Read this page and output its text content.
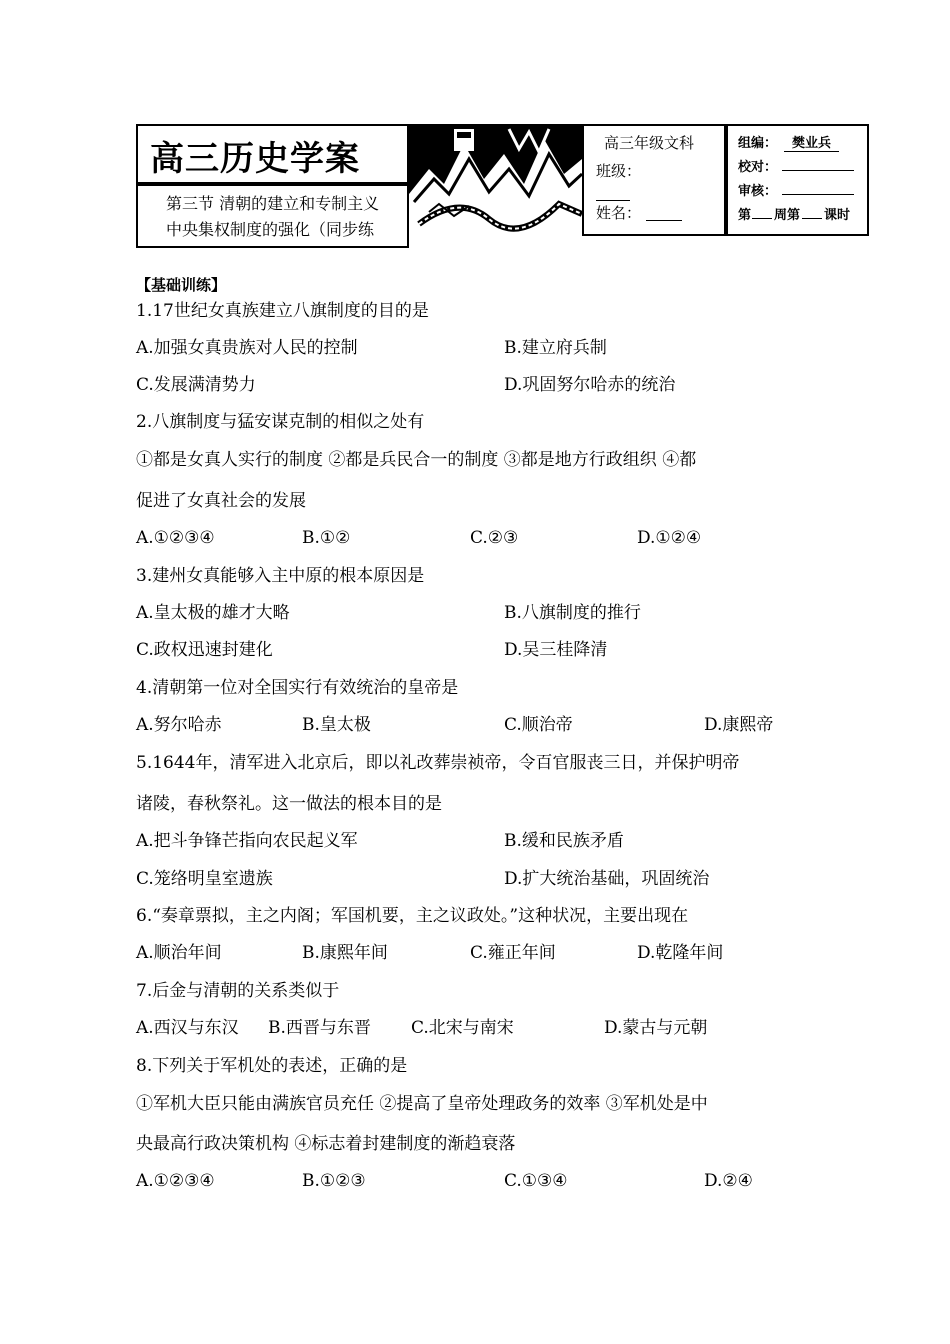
高三历史学案
第三节 清朝的建立和专制主义
中央集权制度的强化（同步练
高三年级文科
班级：
姓名：
组编：	樊业兵
校对：
审核：
第 周第 课时
【基础训练】
1.17世纪女真族建立八旗制度的目的是
A.加强女真贵族对人民的控制	B.建立府兵制
C.发展满清势力	D.巩固努尔哈赤的统治
2.八旗制度与猛安谋克制的相似之处有
①都是女真人实行的制度 ②都是兵民合一的制度 ③都是地方行政组织 ④都
促进了女真社会的发展
A.①②③④	B.①②	C.②③	D.①②④
3.建州女真能够入主中原的根本原因是
A.皇太极的雄才大略	B.八旗制度的推行
C.政权迅速封建化	D.吴三桂降清
4.清朝第一位对全国实行有效统治的皇帝是
A.努尔哈赤	B.皇太极	C.顺治帝	D.康熙帝
5.1644年，清军进入北京后，即以礼改葬崇祯帝，令百官服丧三日，并保护明帝
诸陵，春秋祭礼。这一做法的根本目的是
A.把斗争锋芒指向农民起义军	B.缓和民族矛盾
C.笼络明皇室遗族	D.扩大统治基础，巩固统治
6.“奏章票拟，主之内阁；军国机要，主之议政处。”这种状况，主要出现在
A.顺治年间	B.康熙年间	C.雍正年间	D.乾隆年间
7.后金与清朝的关系类似于
A.西汉与东汉 B.西晋与东晋 C.北宋与南宋	D.蒙古与元朝
8.下列关于军机处的表述，正确的是
①军机大臣只能由满族官员充任 ②提高了皇帝处理政务的效率 ③军机处是中
央最高行政决策机构 ④标志着封建制度的渐趋衰落
A.①②③④	B.①②③	C.①③④	D.②④
